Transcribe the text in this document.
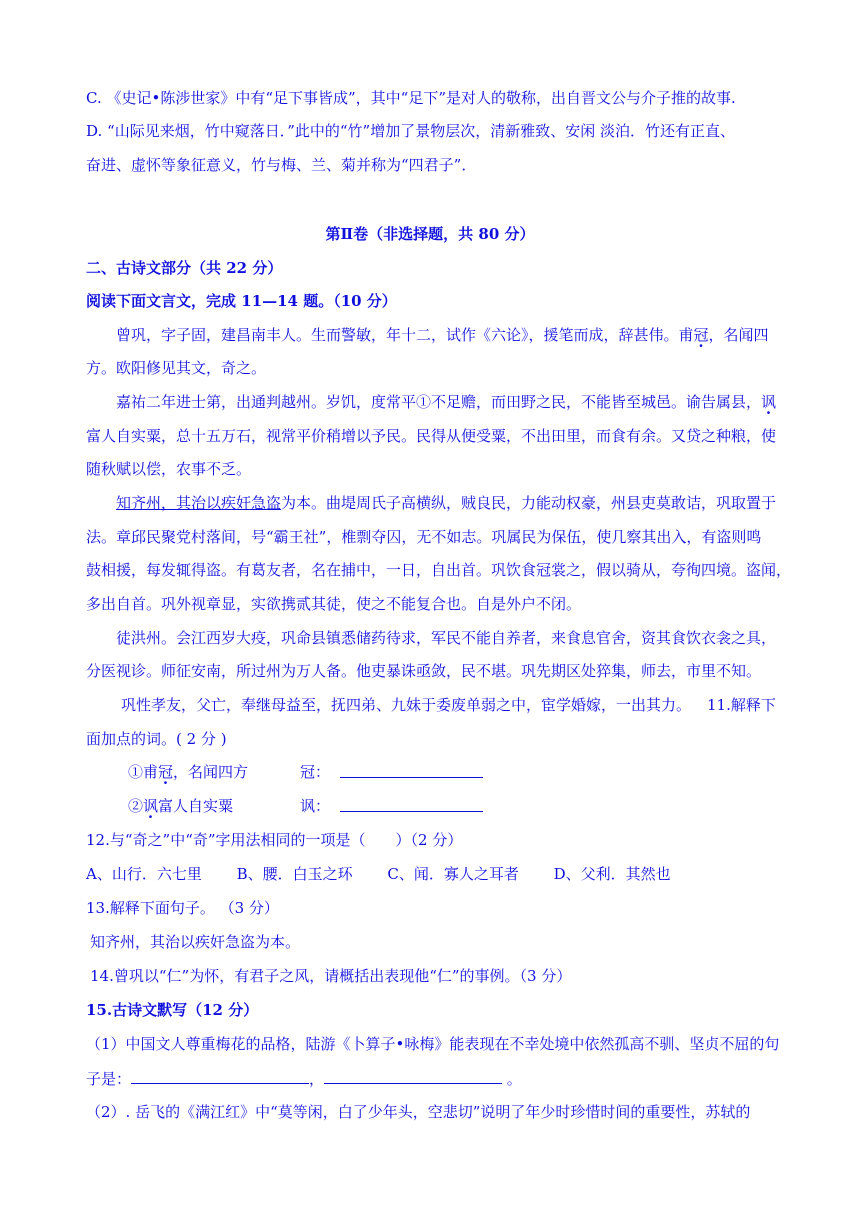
C. 《史记•陈涉世家》中有“足下事皆成”，其中“足下”是对人的敬称，出自晋文公与介子推的故事.
D. “山际见来烟，竹中窥落日．”此中的“竹”增加了景物层次，清新雅致、安闲 淡泊．竹还有正直、
奋进、虚怀等象征意义，竹与梅、兰、菊并称为“四君子”．
第Ⅱ卷（非选择题，共 80 分）
二、古诗文部分（共 22 分）
阅读下面文言文，完成 11—14 题。（10 分）
曾巩，字子固，建昌南丰人。生而警敏，年十二，试作《六论》，援笔而成，辞甚伟。甫冠，名闻四
方。欧阳修见其文，奇之。
嘉祐二年进士第，出通判越州。岁饥，度常平①不足赡，而田野之民，不能皆至城邑。谕告属县，讽
富人自实粟，总十五万石，视常平价稍增以予民。民得从便受粟，不出田里，而食有余。又贷之种粮，使
随秋赋以偿，农事不乏。
知齐州，其治以疾奸急盗为本。曲堤周氏子高横纵，贼良民，力能动权豪，州县吏莫敢诘，巩取置于
法。章邱民聚党村落间，号“霸王社”，椎剽夺囚，无不如志。巩属民为保伍，使几察其出入，有盗则鸣
鼓相援，每发辄得盗。有葛友者，名在捕中，一日，自出首。巩饮食冠裳之，假以骑从，夸徇四境。盗闻，
多出自首。巩外视章显，实欲携贰其徒，使之不能复合也。自是外户不闭。
徒洪州。会江西岁大疫，巩命县镇悉储药待求，军民不能自养者，来食息官舍，资其食饮衣衾之具，
分医视诊。师征安南，所过州为万人备。他吏暴诛亟敛，民不堪。巩先期区处猝集，师去，市里不知。
巩性孝友，父亡，奉继母益至，抚四弟、九妹于委废单弱之中，宦学婚嫁，一出其力。 11.解释下
面加点的词。( 2 分 )
①甫冠，名闻四方	冠：
②讽富人自实粟	讽：
12.与“奇之”中“奇”字用法相同的一项是（　　）（2 分）
A、山行．六七里　　 B、腰．白玉之环　　 C、闻．寡人之耳者　　 D、父利．其然也
13.解释下面句子。 （3 分）
知齐州，其治以疾奸急盗为本。
14.曾巩以“仁”为怀，有君子之风，请概括出表现他“仁”的事例。（3 分）
15.古诗文默写（12 分）
（1）中国文人尊重梅花的品格，陆游《卜算子•咏梅》能表现在不幸处境中依然孤高不驯、坚贞不屈的句
子是：	，	。
（2）. 岳飞的《满江红》中“莫等闲，白了少年头，空悲切”说明了年少时珍惜时间的重要性，苏轼的
